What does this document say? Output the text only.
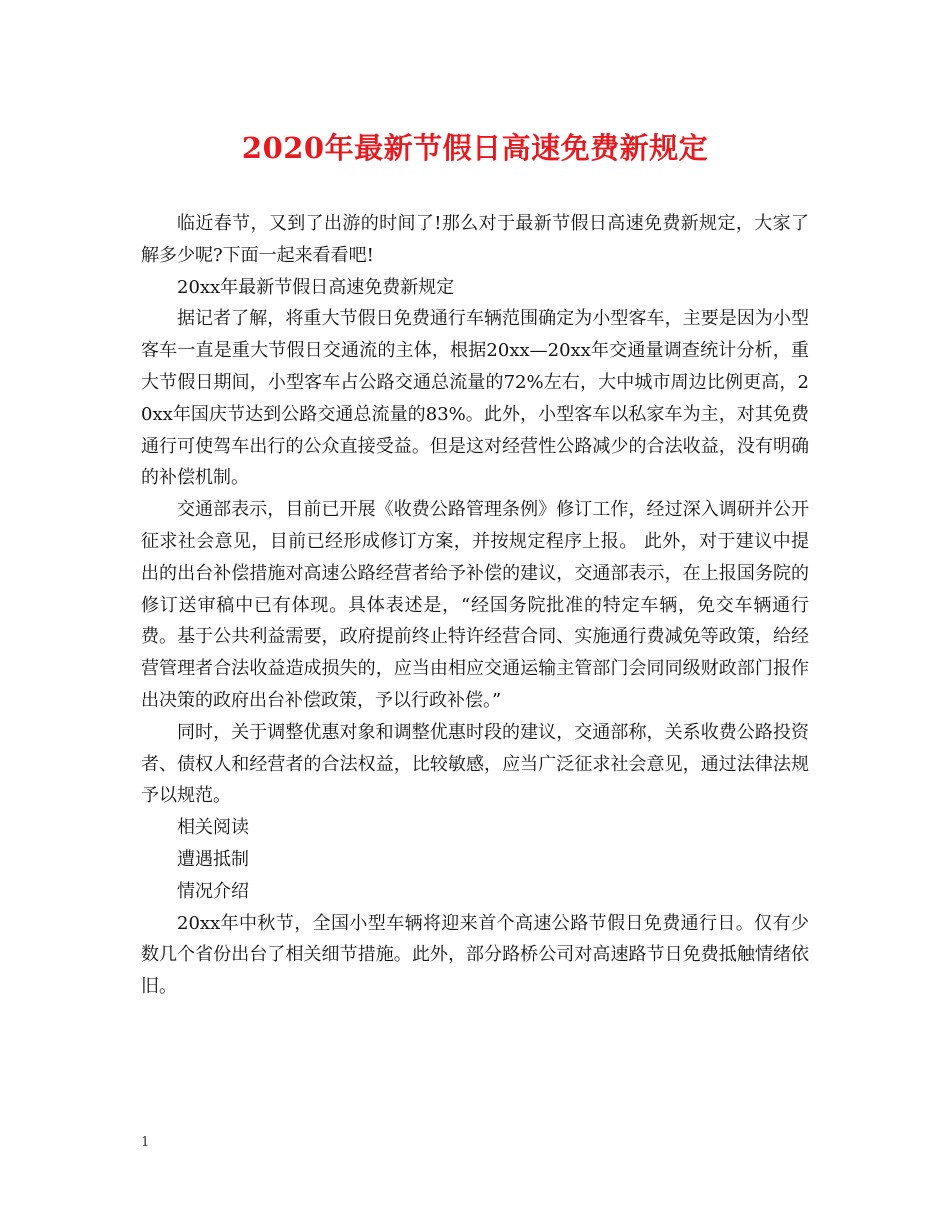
2020年最新节假日高速免费新规定

临近春节，又到了出游的时间了!那么对于最新节假日高速免费新规定，大家了解多少呢?下面一起来看看吧!

20xx年最新节假日高速免费新规定

据记者了解，将重大节假日免费通行车辆范围确定为小型客车，主要是因为小型客车一直是重大节假日交通流的主体，根据20xx—20xx年交通量调查统计分析，重大节假日期间，小型客车占公路交通总流量的72%左右，大中城市周边比例更高，20xx年国庆节达到公路交通总流量的83%。此外，小型客车以私家车为主，对其免费通行可使驾车出行的公众直接受益。但是这对经营性公路减少的合法收益，没有明确的补偿机制。

交通部表示，目前已开展《收费公路管理条例》修订工作，经过深入调研并公开征求社会意见，目前已经形成修订方案，并按规定程序上报。 此外，对于建议中提出的出台补偿措施对高速公路经营者给予补偿的建议，交通部表示，在上报国务院的修订送审稿中已有体现。具体表述是，“经国务院批准的特定车辆，免交车辆通行费。基于公共利益需要，政府提前终止特许经营合同、实施通行费减免等政策，给经营管理者合法收益造成损失的，应当由相应交通运输主管部门会同同级财政部门报作出决策的政府出台补偿政策，予以行政补偿。”

同时，关于调整优惠对象和调整优惠时段的建议，交通部称，关系收费公路投资者、债权人和经营者的合法权益，比较敏感，应当广泛征求社会意见，通过法律法规予以规范。

相关阅读

遭遇抵制

情况介绍

20xx年中秋节，全国小型车辆将迎来首个高速公路节假日免费通行日。仅有少数几个省份出台了相关细节措施。此外，部分路桥公司对高速路节日免费抵触情绪依旧。

1
